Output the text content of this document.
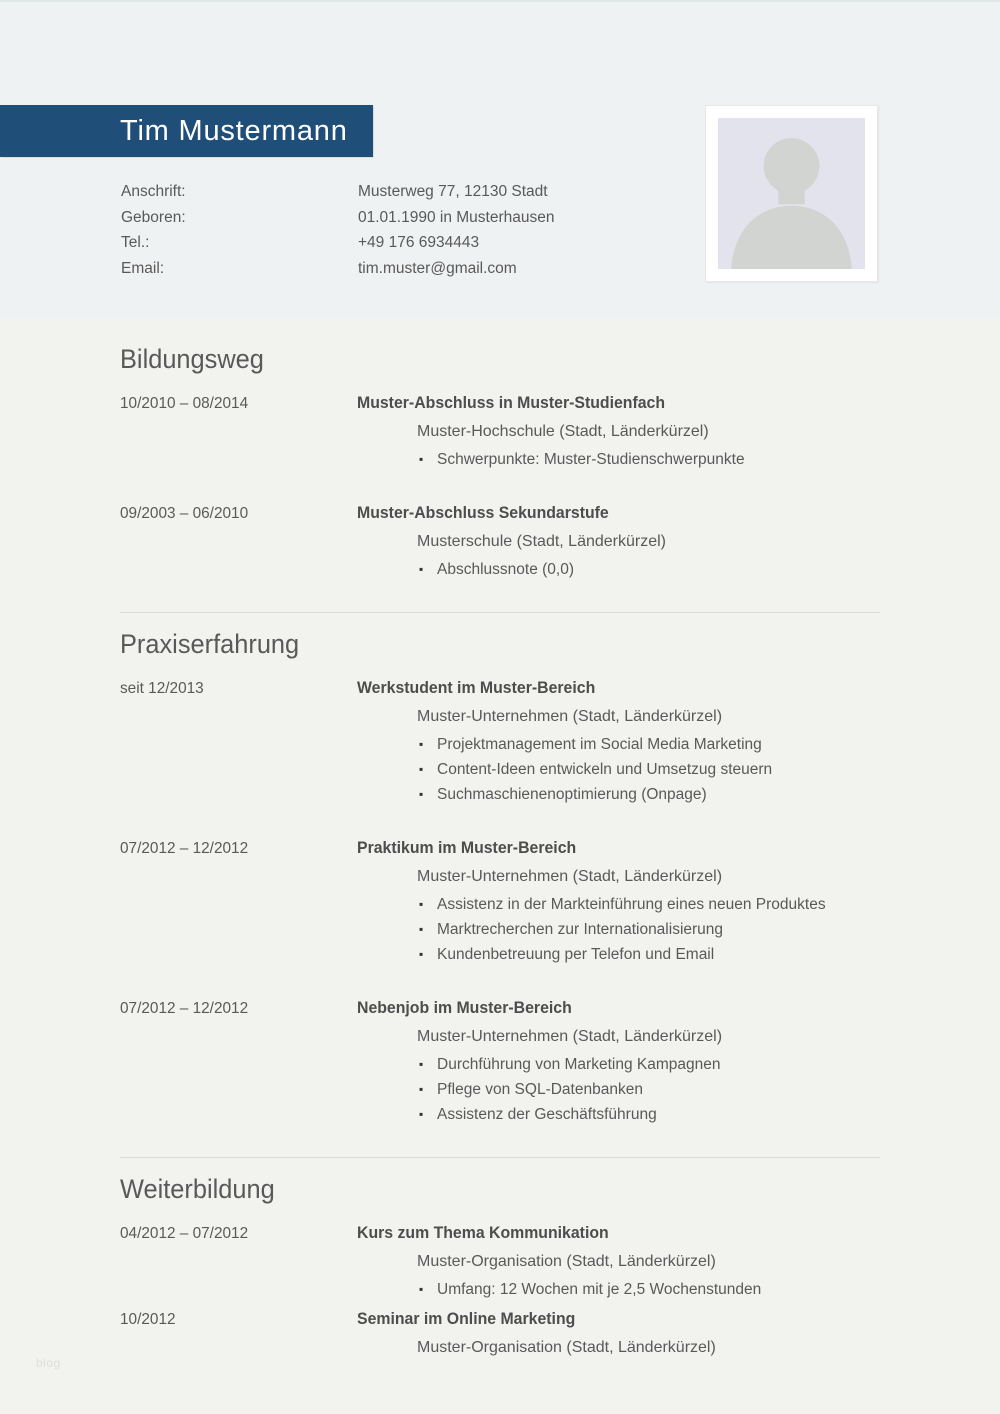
Tim Mustermann
Anschrift:	Musterweg 77, 12130 Stadt
Geboren:	01.01.1990 in Musterhausen
Tel.:	+49 176 6934443
Email:	tim.muster@gmail.com
Bildungsweg
10/2010 – 08/2014	Muster-Abschluss in Muster-Studienfach
Muster-Hochschule (Stadt, Länderkürzel)
▪ Schwerpunkte: Muster-Studienschwerpunkte
09/2003 – 06/2010	Muster-Abschluss Sekundarstufe
Musterschule (Stadt, Länderkürzel)
▪ Abschlussnote (0,0)
Praxiserfahrung
seit 12/2013	Werkstudent im Muster-Bereich
Muster-Unternehmen (Stadt, Länderkürzel)
▪ Projektmanagement im Social Media Marketing
▪ Content-Ideen entwickeln und Umsetzug steuern
▪ Suchmaschienenoptimierung (Onpage)
07/2012 – 12/2012	Praktikum im Muster-Bereich
Muster-Unternehmen (Stadt, Länderkürzel)
▪ Assistenz in der Markteinführung eines neuen Produktes
▪ Marktrecherchen zur Internationalisierung
▪ Kundenbetreuung per Telefon und Email
07/2012 – 12/2012	Nebenjob im Muster-Bereich
Muster-Unternehmen (Stadt, Länderkürzel)
▪ Durchführung von Marketing Kampagnen
▪ Pflege von SQL-Datenbanken
▪ Assistenz der Geschäftsführung
Weiterbildung
04/2012 – 07/2012	Kurs zum Thema Kommunikation
Muster-Organisation (Stadt, Länderkürzel)
▪ Umfang: 12 Wochen mit je 2,5 Wochenstunden
10/2012	Seminar im Online Marketing
Muster-Organisation (Stadt, Länderkürzel)
blog
